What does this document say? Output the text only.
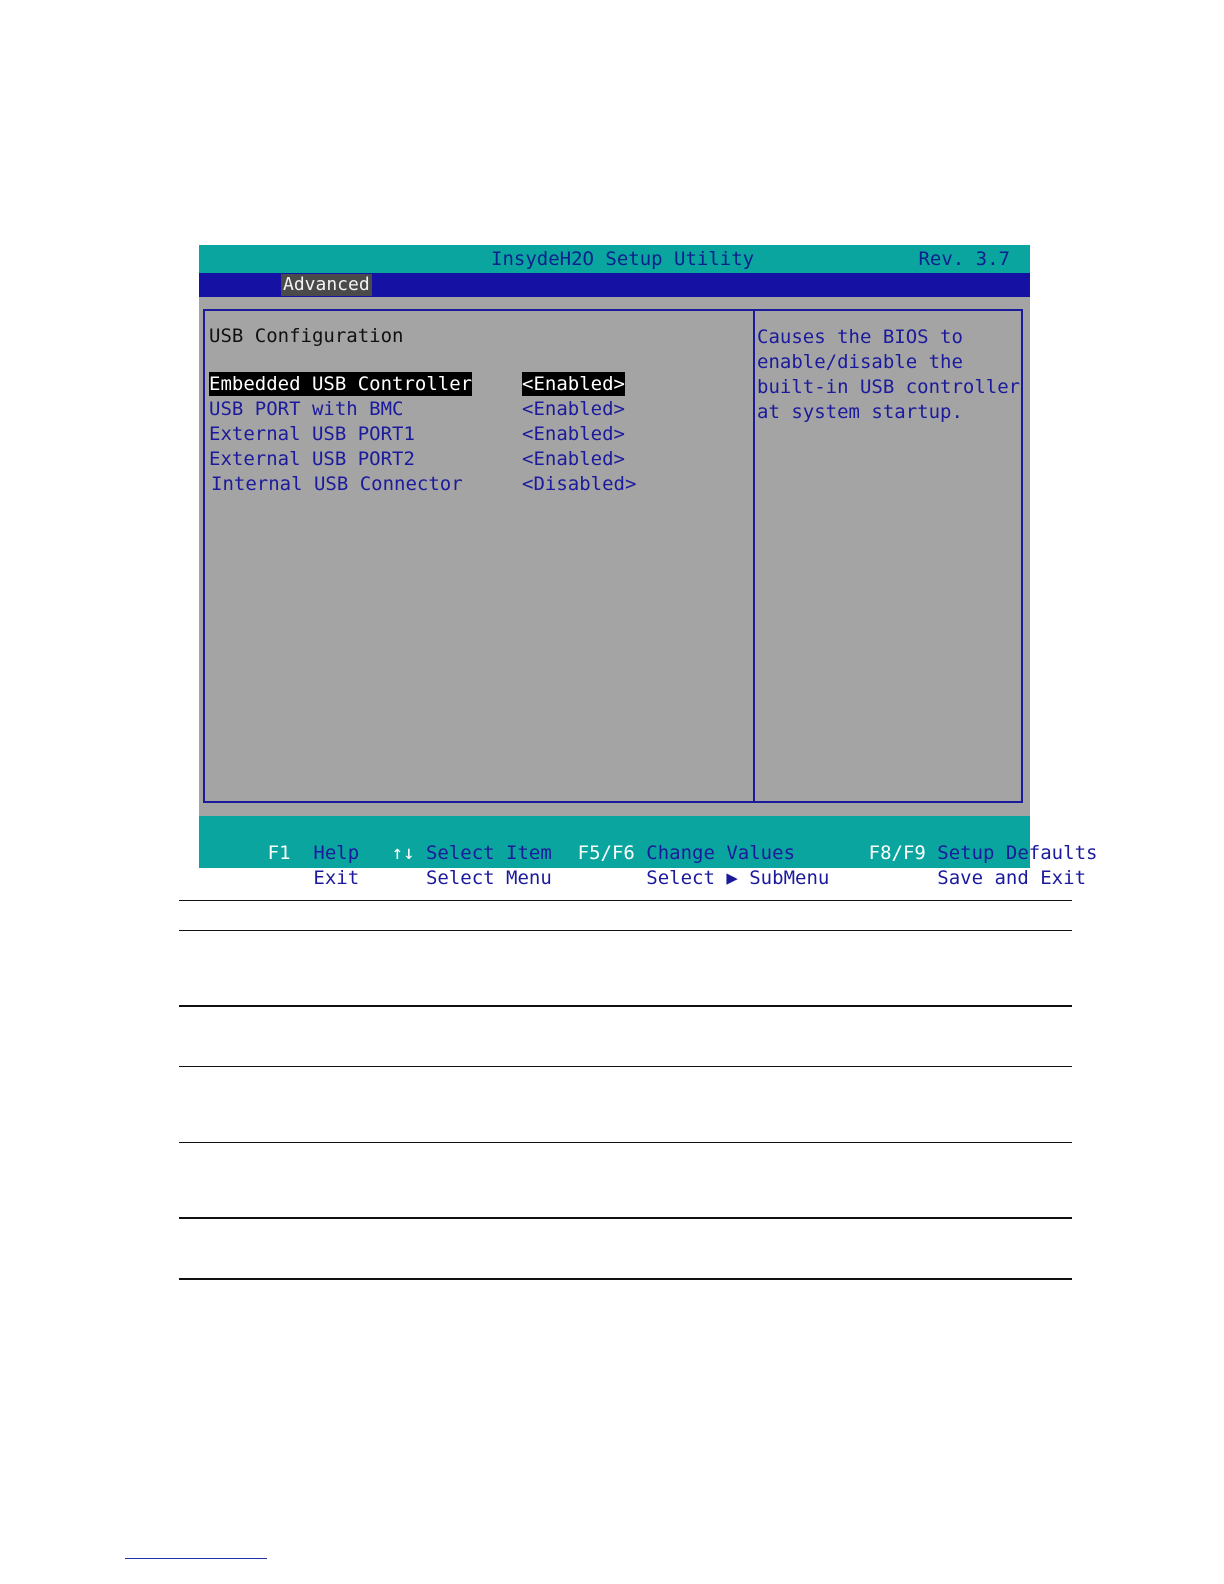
InsydeH2O Setup Utility	Rev. 3.7
Advanced
USB Configuration
Embedded USB Controller	<Enabled>
USB PORT with BMC	<Enabled>
External USB PORT1	<Enabled>
External USB PORT2	<Enabled>
Internal USB Connector	<Disabled>
Causes the BIOS to
enable/disable the
built-in USB controller
at system startup.

F1 Help

Esc Exit

↑↓ Select Item

↔ Select Menu

F5/F6 Change Values

Enter Select ▶ SubMenu

F8/F9 Setup Defaults

F10 Save and Exit
